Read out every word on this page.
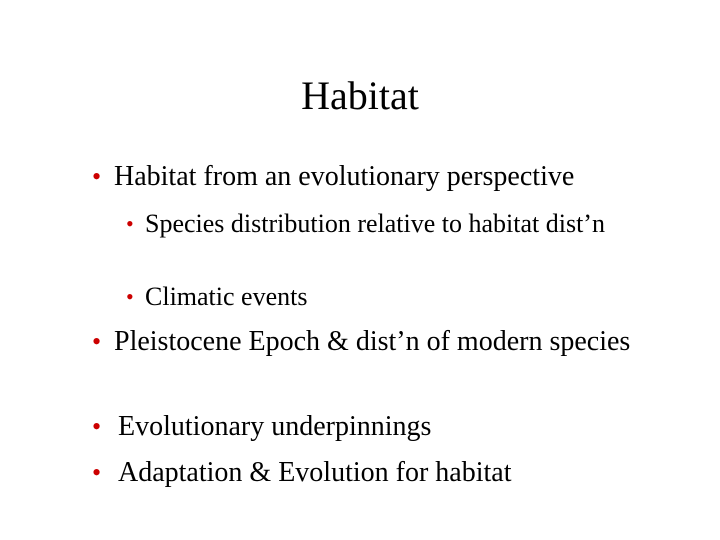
Habitat
• Habitat from an evolutionary perspective
• Species distribution relative to habitat dist’n
• Climatic events
• Pleistocene Epoch & dist’n of modern species
• Evolutionary underpinnings
• Adaptation & Evolution for habitat
